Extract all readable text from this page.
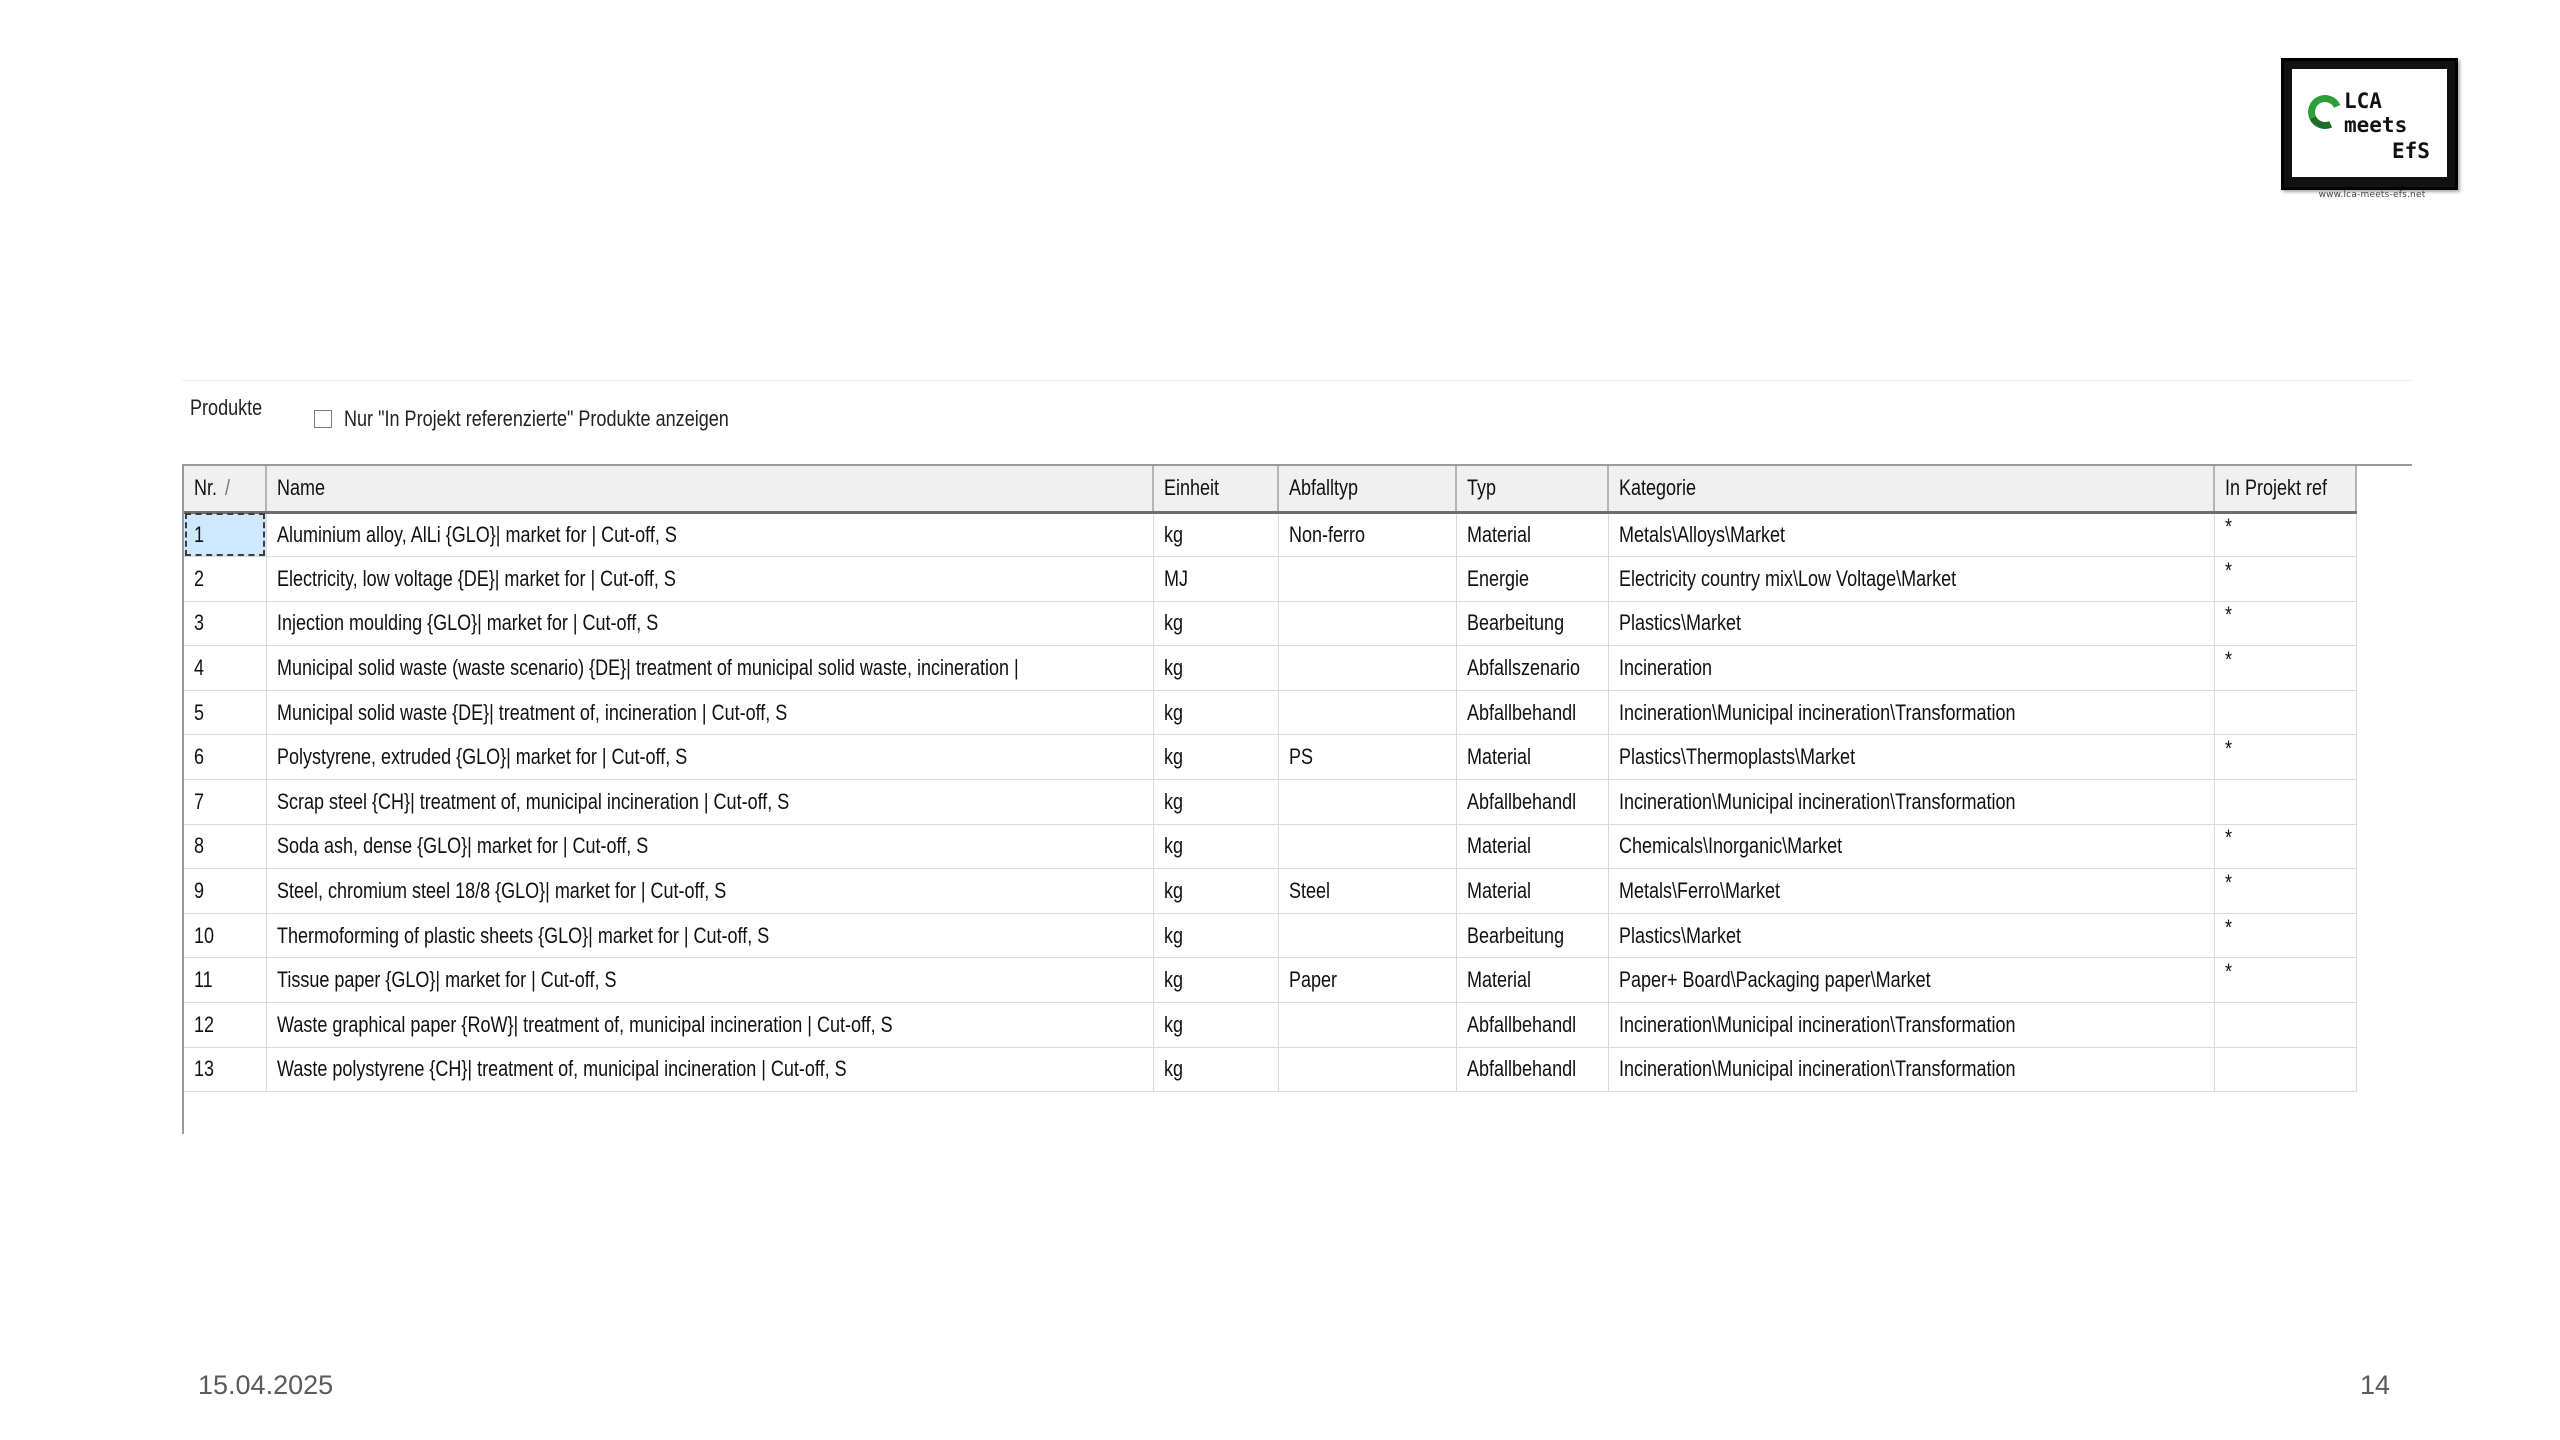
LCA
meets
EfS
www.lca-meets-efs.net
Produkte	Nur "In Projekt referenzierte" Produkte anzeigen
Nr. /	Name	Einheit	Abfalltyp	Typ	Kategorie	In Projekt ref
1	Aluminium alloy, AlLi {GLO}| market for | Cut-off, S	kg	Non-ferro	Material	Metals\Alloys\Market	*
2	Electricity, low voltage {DE}| market for | Cut-off, S	MJ		Energie	Electricity country mix\Low Voltage\Market	*
3	Injection moulding {GLO}| market for | Cut-off, S	kg		Bearbeitung	Plastics\Market	*
4	Municipal solid waste (waste scenario) {DE}| treatment of municipal solid waste, incineration |	kg		Abfallszenario	Incineration	*
5	Municipal solid waste {DE}| treatment of, incineration | Cut-off, S	kg		Abfallbehandl	Incineration\Municipal incineration\Transformation	
6	Polystyrene, extruded {GLO}| market for | Cut-off, S	kg	PS	Material	Plastics\Thermoplasts\Market	*
7	Scrap steel {CH}| treatment of, municipal incineration | Cut-off, S	kg		Abfallbehandl	Incineration\Municipal incineration\Transformation	
8	Soda ash, dense {GLO}| market for | Cut-off, S	kg		Material	Chemicals\Inorganic\Market	*
9	Steel, chromium steel 18/8 {GLO}| market for | Cut-off, S	kg	Steel	Material	Metals\Ferro\Market	*
10	Thermoforming of plastic sheets {GLO}| market for | Cut-off, S	kg		Bearbeitung	Plastics\Market	*
11	Tissue paper {GLO}| market for | Cut-off, S	kg	Paper	Material	Paper+ Board\Packaging paper\Market	*
12	Waste graphical paper {RoW}| treatment of, municipal incineration | Cut-off, S	kg		Abfallbehandl	Incineration\Municipal incineration\Transformation	
13	Waste polystyrene {CH}| treatment of, municipal incineration | Cut-off, S	kg		Abfallbehandl	Incineration\Municipal incineration\Transformation	
15.04.2025	14
